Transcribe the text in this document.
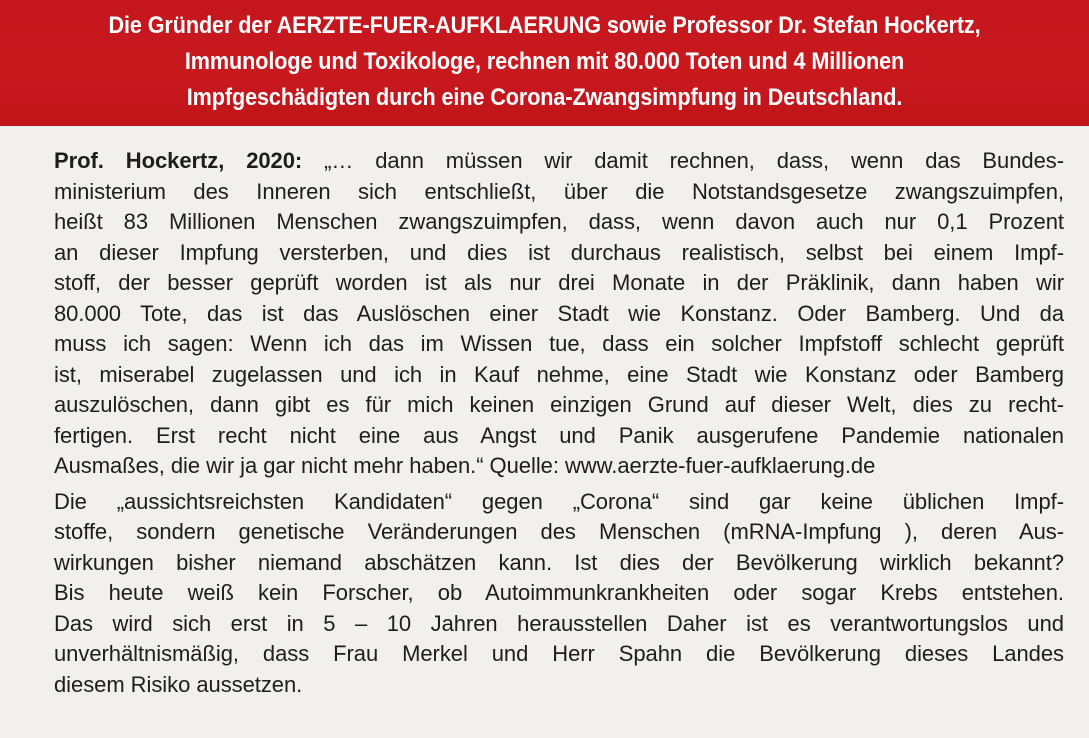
Die Gründer der AERZTE-FUER-AUFKLAERUNG sowie Professor Dr. Stefan Hockertz,
Immunologe und Toxikologe, rechnen mit 80.000 Toten und 4 Millionen
Impfgeschädigten durch eine Corona-Zwangsimpfung in Deutschland.
Prof. Hockertz, 2020: „… dann müssen wir damit rechnen, dass, wenn das Bundes-
ministerium des Inneren sich entschließt, über die Notstandsgesetze zwangszuimpfen,
heißt 83 Millionen Menschen zwangszuimpfen, dass, wenn davon auch nur 0,1 Prozent
an dieser Impfung versterben, und dies ist durchaus realistisch, selbst bei einem Impf-
stoff, der besser geprüft worden ist als nur drei Monate in der Präklinik, dann haben wir
80.000 Tote, das ist das Auslöschen einer Stadt wie Konstanz. Oder Bamberg. Und da
muss ich sagen: Wenn ich das im Wissen tue, dass ein solcher Impfstoff schlecht geprüft
ist, miserabel zugelassen und ich in Kauf nehme, eine Stadt wie Konstanz oder Bamberg
auszulöschen, dann gibt es für mich keinen einzigen Grund auf dieser Welt, dies zu recht-
fertigen. Erst recht nicht eine aus Angst und Panik ausgerufene Pandemie nationalen
Ausmaßes, die wir ja gar nicht mehr haben.“ Quelle: www.aerzte-fuer-aufklaerung.de
Die „aussichtsreichsten Kandidaten“ gegen „Corona“ sind gar keine üblichen Impf-
stoffe, sondern genetische Veränderungen des Menschen (mRNA-Impfung ), deren Aus-
wirkungen bisher niemand abschätzen kann. Ist dies der Bevölkerung wirklich bekannt?
Bis heute weiß kein Forscher, ob Autoimmunkrankheiten oder sogar Krebs entstehen.
Das wird sich erst in 5 – 10 Jahren herausstellen Daher ist es verantwortungslos und
unverhältnismäßig, dass Frau Merkel und Herr Spahn die Bevölkerung dieses Landes
diesem Risiko aussetzen.
